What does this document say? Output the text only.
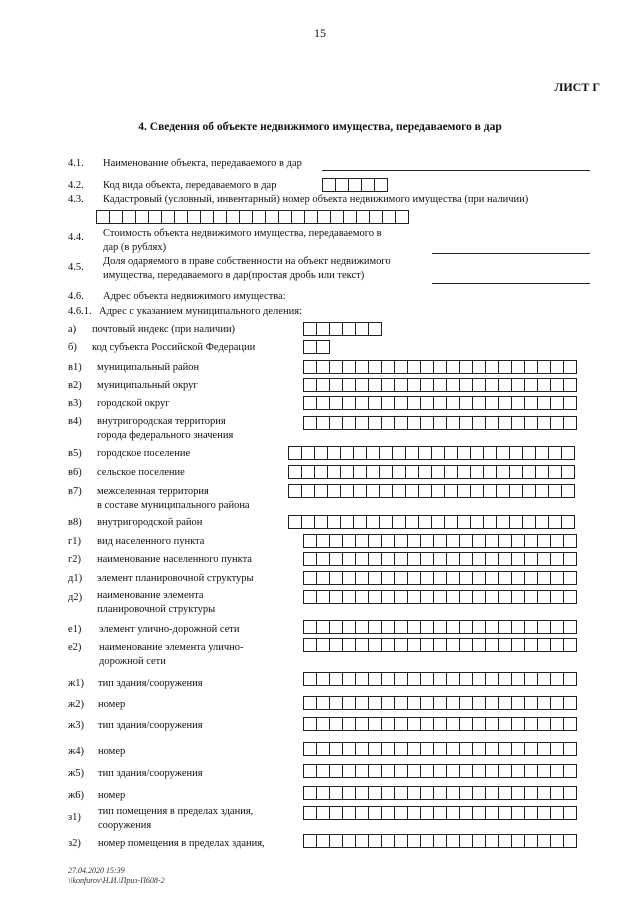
15
ЛИСТ Г
4. Сведения об объекте недвижимого имущества, передаваемого в дар
4.1. Наименование объекта, передаваемого в дар
4.2. Код вида объекта, передаваемого в дар
4.3. Кадастровый (условный, инвентарный) номер объекта недвижимого имущества (при наличии)
4.4. Стоимость объекта недвижимого имущества, передаваемого в
дар (в рублях)
4.5.
Доля одаряемого в праве собственности на объект недвижимого
имущества, передаваемого в дар(простая дробь или текст)
4.6. Адрес объекта недвижимого имущества:
4.6.1. Адрес с указанием муниципального деления:
а) почтовый индекс (при наличии)
б) код субъекта Российской Федерации
в1) муниципальный район
в2) муниципальный округ
в3) городской округ
в4) внутригородская территория
города федерального значения
в5) городское поселение
в6) сельское поселение
в7) межселенная территория
в составе муниципального района
в8) внутригородской район
г1) вид населенного пункта
г2) наименование населенного пункта
д1) элемент планировочной структуры
д2) наименование элемента
планировочной структуры
е1) элемент улично-дорожной сети
е2) наименование элемента улично-
дорожной сети
ж1) тип здания/сооружения
ж2) номер
ж3) тип здания/сооружения
ж4) номер
ж5) тип здания/сооружения
ж6) номер
з1)
тип помещения в пределах здания,
сооружения
з2) номер помещения в пределах здания,
27.04.2020 15:39
\\konfurov\Н.И.\Приз-П608-2
